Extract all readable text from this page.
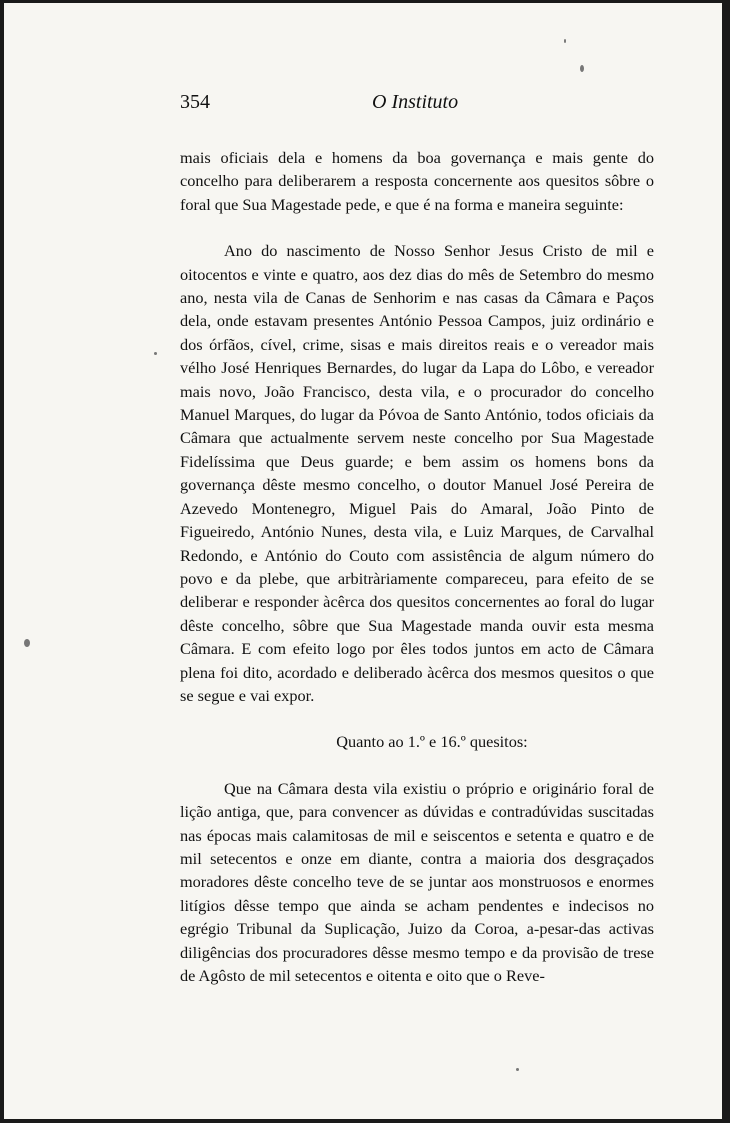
354	O Instituto

mais oficiais dela e homens da boa governança e mais gente do concelho para deliberarem a resposta concernente aos quesitos sôbre o foral que Sua Magestade pede, e que é na forma e maneira seguinte:

Ano do nascimento de Nosso Senhor Jesus Cristo de mil e oitocentos e vinte e quatro, aos dez dias do mês de Setembro do mesmo ano, nesta vila de Canas de Senhorim e nas casas da Câmara e Paços dela, onde estavam presentes António Pessoa Campos, juiz ordinário e dos órfãos, cível, crime, sisas e mais direitos reais e o vereador mais vélho José Henriques Bernardes, do lugar da Lapa do Lôbo, e vereador mais novo, João Francisco, desta vila, e o procurador do concelho Manuel Marques, do lugar da Póvoa de Santo António, todos oficiais da Câmara que actualmente servem neste concelho por Sua Magestade Fidelíssima que Deus guarde; e bem assim os homens bons da governança dêste mesmo concelho, o doutor Manuel José Pereira de Azevedo Montenegro, Miguel Pais do Amaral, João Pinto de Figueiredo, António Nunes, desta vila, e Luiz Marques, de Carvalhal Redondo, e António do Couto com assistência de algum número do povo e da plebe, que arbitràriamente compareceu, para efeito de se deliberar e responder àcêrca dos quesitos concernentes ao foral do lugar dêste concelho, sôbre que Sua Magestade manda ouvir esta mesma Câmara. E com efeito logo por êles todos juntos em acto de Câmara plena foi dito, acordado e deliberado àcêrca dos mesmos quesitos o que se segue e vai expor.

Quanto ao 1.º e 16.º quesitos:

Que na Câmara desta vila existiu o próprio e originário foral de lição antiga, que, para convencer as dúvidas e contradúvidas suscitadas nas épocas mais calamitosas de mil e seiscentos e setenta e quatro e de mil setecentos e onze em diante, contra a maioria dos desgraçados moradores dêste concelho teve de se juntar aos monstruosos e enormes litígios dêsse tempo que ainda se acham pendentes e indecisos no egrégio Tribunal da Suplicação, Juizo da Coroa, a-pesar-das activas diligências dos procuradores dêsse mesmo tempo e da provisão de trese de Agôsto de mil setecentos e oitenta e oito que o Reve-
